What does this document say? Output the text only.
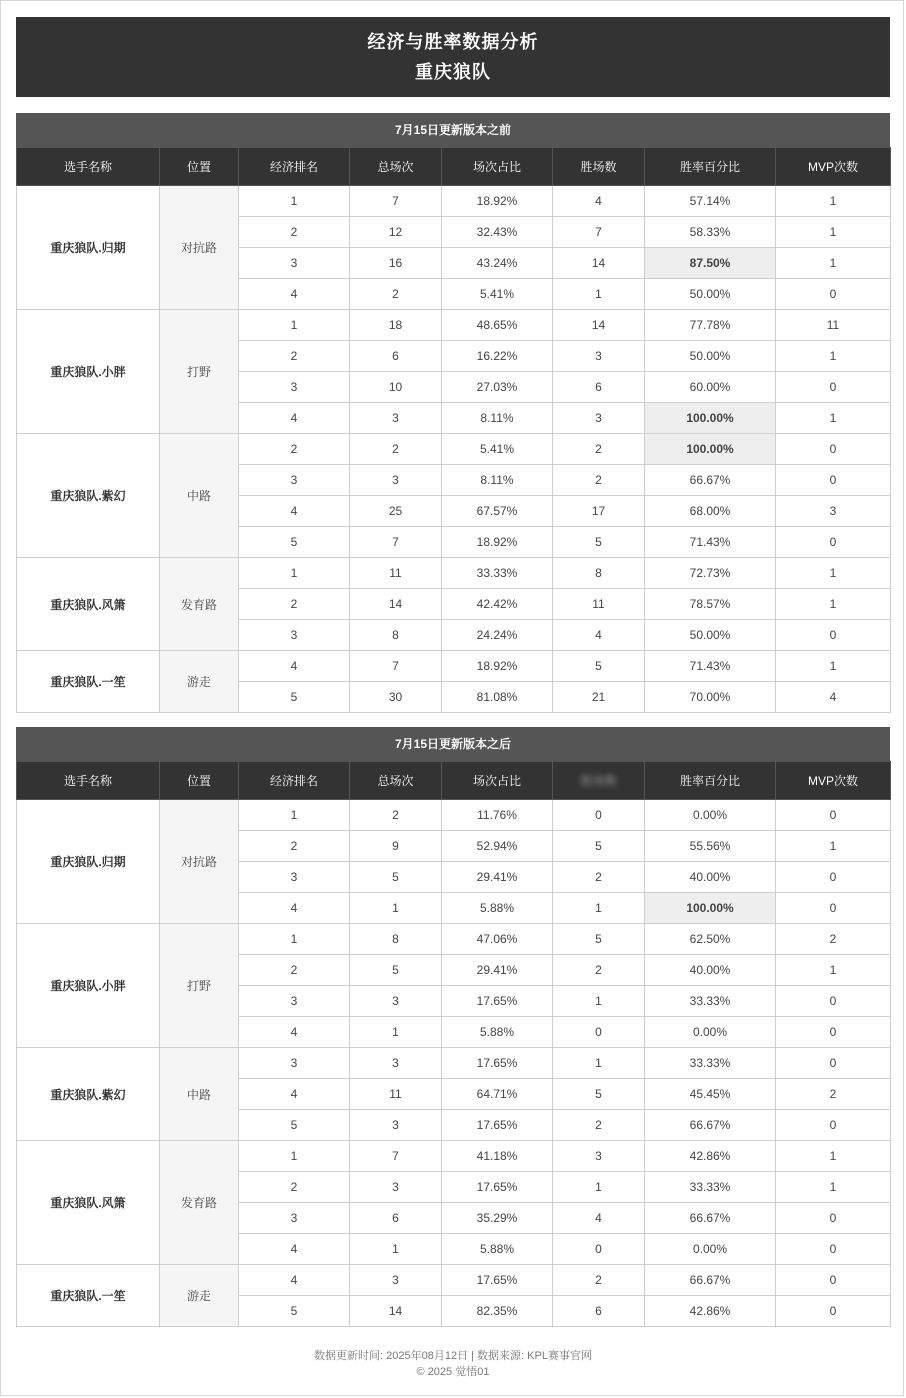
经济与胜率数据分析
重庆狼队
7月15日更新版本之前
选手名称	位置	经济排名	总场次	场次占比	胜场数	胜率百分比	MVP次数
重庆狼队.归期	对抗路	1	7	18.92%	4	57.14%	1
		2	12	32.43%	7	58.33%	1
		3	16	43.24%	14	87.50%	1
		4	2	5.41%	1	50.00%	0
重庆狼队.小胖	打野	1	18	48.65%	14	77.78%	11
		2	6	16.22%	3	50.00%	1
		3	10	27.03%	6	60.00%	0
		4	3	8.11%	3	100.00%	1
重庆狼队.紫幻	中路	2	2	5.41%	2	100.00%	0
		3	3	8.11%	2	66.67%	0
		4	25	67.57%	17	68.00%	3
		5	7	18.92%	5	71.43%	0
重庆狼队.风箫	发育路	1	11	33.33%	8	72.73%	1
		2	14	42.42%	11	78.57%	1
		3	8	24.24%	4	50.00%	0
重庆狼队.一笙	游走	4	7	18.92%	5	71.43%	1
		5	30	81.08%	21	70.00%	4
7月15日更新版本之后
选手名称	位置	经济排名	总场次	场次占比	胜场数	胜率百分比	MVP次数
重庆狼队.归期	对抗路	1	2	11.76%	0	0.00%	0
		2	9	52.94%	5	55.56%	1
		3	5	29.41%	2	40.00%	0
		4	1	5.88%	1	100.00%	0
重庆狼队.小胖	打野	1	8	47.06%	5	62.50%	2
		2	5	29.41%	2	40.00%	1
		3	3	17.65%	1	33.33%	0
		4	1	5.88%	0	0.00%	0
重庆狼队.紫幻	中路	3	3	17.65%	1	33.33%	0
		4	11	64.71%	5	45.45%	2
		5	3	17.65%	2	66.67%	0
重庆狼队.风箫	发育路	1	7	41.18%	3	42.86%	1
		2	3	17.65%	1	33.33%	1
		3	6	35.29%	4	66.67%	0
		4	1	5.88%	0	0.00%	0
重庆狼队.一笙	游走	4	3	17.65%	2	66.67%	0
		5	14	82.35%	6	42.86%	0
数据更新时间: 2025年08月12日 | 数据来源: KPL赛事官网
© 2025 觉悟01
